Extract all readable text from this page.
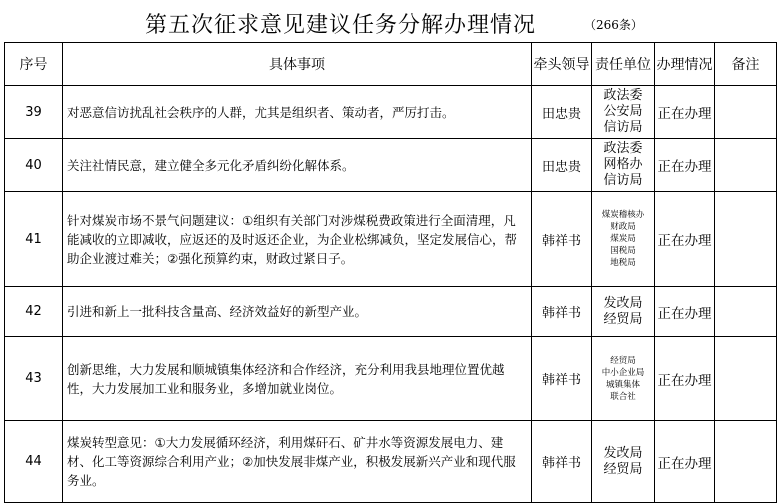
第五次征求意见建议任务分解办理情况	（266条）
序号	具体事项	牵头领导	责任单位	办理情况	备注
39	对恶意信访扰乱社会秩序的人群，尤其是组织者、策动者，严厉打击。	田忠贵	政法委
公安局
信访局	正在办理	
40	关注社情民意，建立健全多元化矛盾纠纷化解体系。	田忠贵	政法委
网格办
信访局	正在办理	
41	针对煤炭市场不景气问题建议：①组织有关部门对涉煤税费政策进行全面清理，凡能减收的立即减收，应返还的及时返还企业，为企业松绑减负，坚定发展信心，帮助企业渡过难关；②强化预算约束，财政过紧日子。	韩祥书	煤炭稽核办
财政局
煤炭局
国税局
地税局	正在办理	
42	引进和新上一批科技含量高、经济效益好的新型产业。	韩祥书	发改局
经贸局	正在办理	
43	创新思维，大力发展和顺城镇集体经济和合作经济，充分利用我县地理位置优越性，大力发展加工业和服务业，多增加就业岗位。	韩祥书	经贸局
中小企业局
城镇集体
联合社	正在办理	
44	煤炭转型意见：①大力发展循环经济，利用煤矸石、矿井水等资源发展电力、建材、化工等资源综合利用产业；②加快发展非煤产业，积极发展新兴产业和现代服务业。	韩祥书	发改局
经贸局	正在办理	
